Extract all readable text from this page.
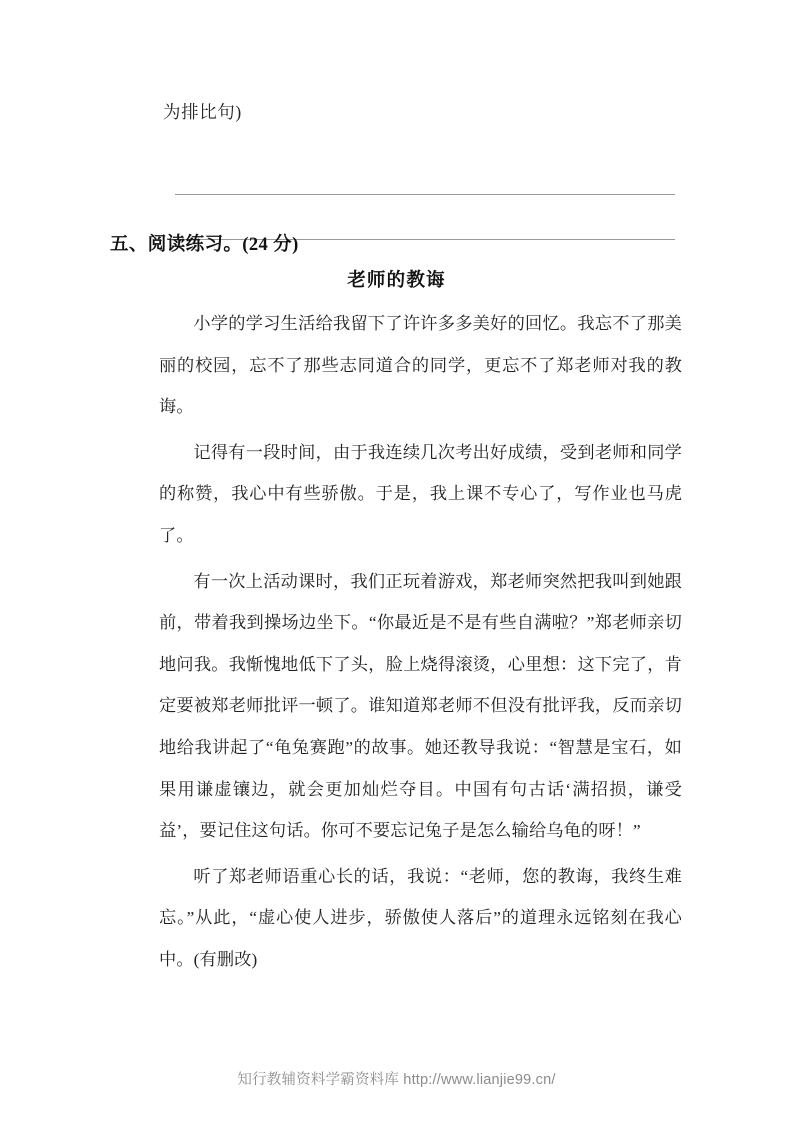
为排比句)
五、阅读练习。(24 分)
老师的教诲

小学的学习生活给我留下了许许多多美好的回忆。我忘不了那美丽的校园，忘不了那些志同道合的同学，更忘不了郑老师对我的教诲。

记得有一段时间，由于我连续几次考出好成绩，受到老师和同学的称赞，我心中有些骄傲。于是，我上课不专心了，写作业也马虎了。

有一次上活动课时，我们正玩着游戏，郑老师突然把我叫到她跟前，带着我到操场边坐下。“你最近是不是有些自满啦？”郑老师亲切地问我。我惭愧地低下了头，脸上烧得滚烫，心里想：这下完了，肯定要被郑老师批评一顿了。谁知道郑老师不但没有批评我，反而亲切地给我讲起了“龟兔赛跑”的故事。她还教导我说：“智慧是宝石，如果用谦虚镶边，就会更加灿烂夺目。中国有句古话‘满招损，谦受益’，要记住这句话。你可不要忘记兔子是怎么输给乌龟的呀！”

听了郑老师语重心长的话，我说：“老师，您的教诲，我终生难忘。”从此，“虚心使人进步，骄傲使人落后”的道理永远铭刻在我心中。(有删改)

知行教辅资料学霸资料库 http://www.lianjie99.cn/
